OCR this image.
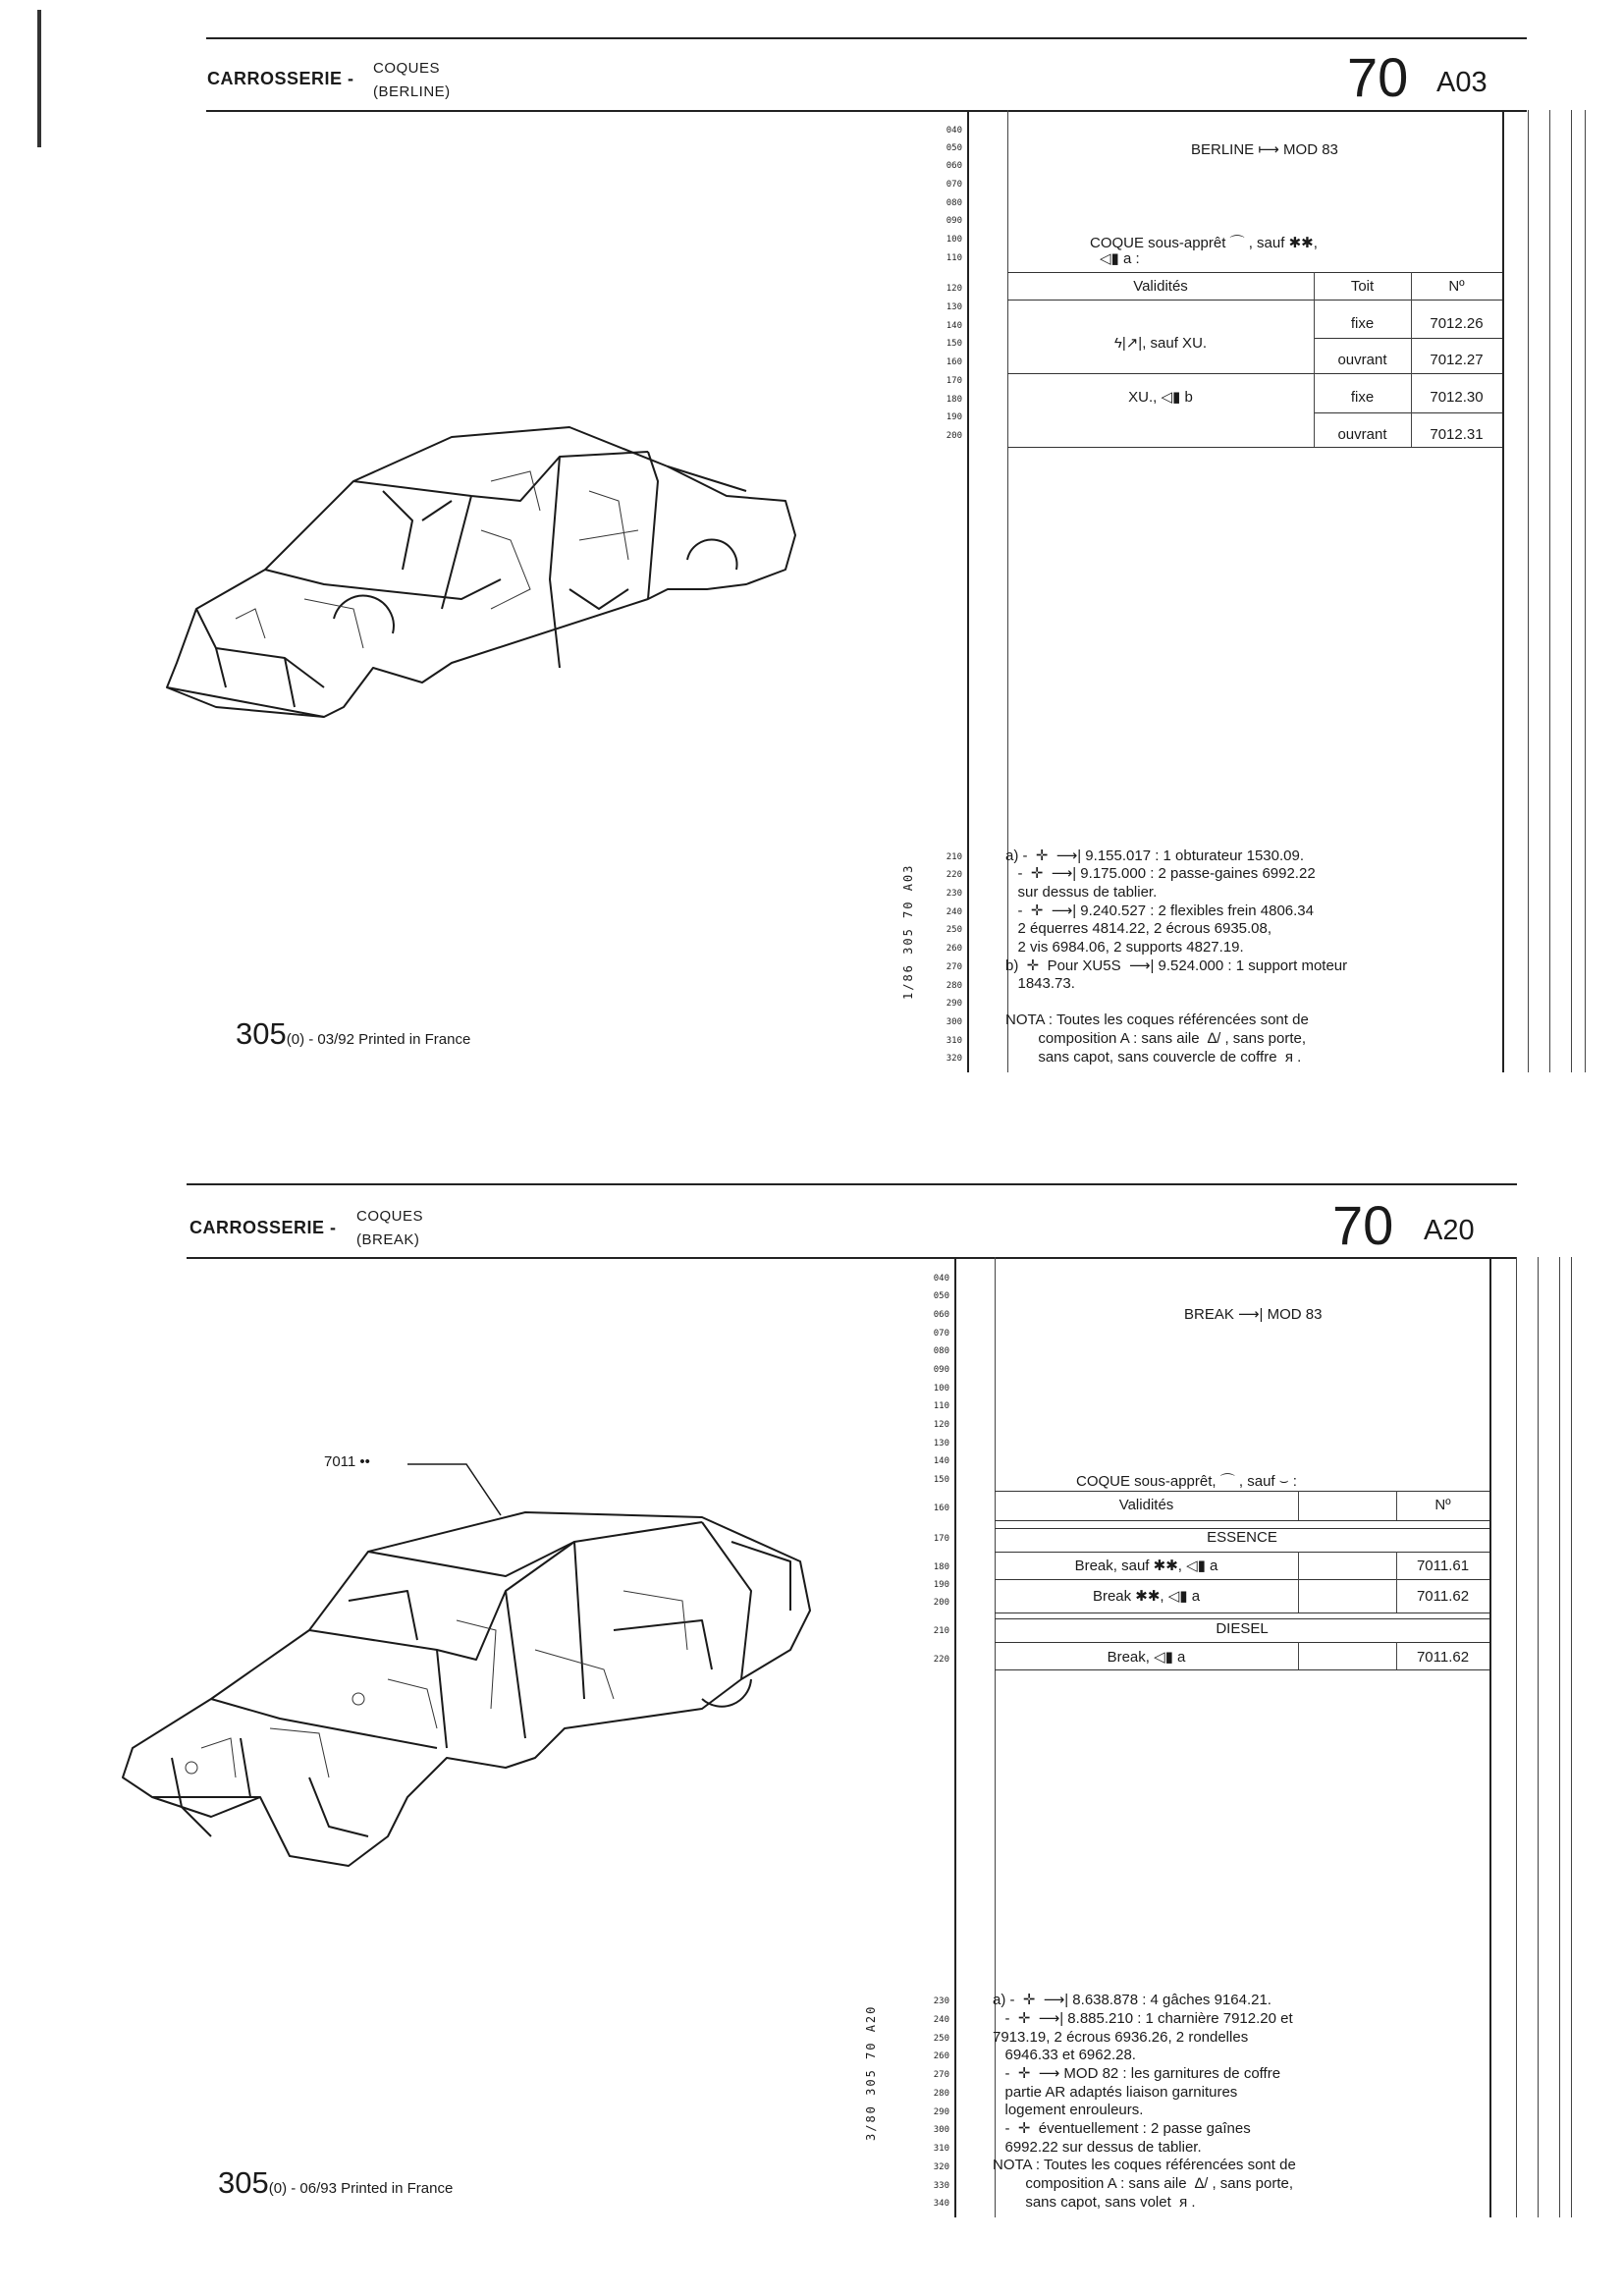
CARROSSERIE -
COQUES
(BERLINE)	70 A03
040
050
060
070
080
090
100
110
120
130
140
150
160
170
180
190
200
210
220
230
240
250
260
270
280
290
300
310
320
BERLINE ⟼ MOD 83
COQUE sous-apprêt ⌒ , sauf ✱✱,
◁▮ a :
Validités	Toit	Nº
ϟ|↗|, sauf XU.
fixe	7012.26
ouvrant	7012.27
XU., ◁▮ b	fixe	7012.30
ouvrant	7012.31
a) -  ✛  ⟶| 9.155.017 : 1 obturateur 1530.09.
-  ✛  ⟶| 9.175.000 : 2 passe-gaines 6992.22
sur dessus de tablier.
-  ✛  ⟶| 9.240.527 : 2 flexibles frein 4806.34
2 équerres 4814.22, 2 écrous 6935.08,
2 vis 6984.06, 2 supports 4827.19.
b)  ✛  Pour XU5S  ⟶| 9.524.000 : 1 support moteur
1843.73.
NOTA : Toutes les coques référencées sont de
composition A : sans aile  ∆/ , sans porte,
sans capot, sans couvercle de coffre  ᴙ .
1/86 305 70 A03
305(0) - 03/92 Printed in France
CARROSSERIE -
COQUES
(BREAK)	70 A20
040
050
060
070
080
090
100
110
120
130
140
150
160
170
180
190
200
210
220
230
240
250
260
270
280
290
300
310
320
330
340
BREAK ⟶| MOD 83
COQUE sous-apprêt, ⌒ , sauf ⌣ :
Validités	Nº
ESSENCE
Break, sauf ✱✱, ◁▮ a	7011.61
Break ✱✱, ◁▮ a	7011.62
DIESEL
Break, ◁▮ a	7011.62
a) -  ✛  ⟶| 8.638.878 : 4 gâches 9164.21.
-  ✛  ⟶| 8.885.210 : 1 charnière 7912.20 et
7913.19, 2 écrous 6936.26, 2 rondelles
6946.33 et 6962.28.
-  ✛  ⟶ MOD 82 : les garnitures de coffre
partie AR adaptés liaison garnitures
logement enrouleurs.
-  ✛  éventuellement : 2 passe gaînes
6992.22 sur dessus de tablier.
NOTA : Toutes les coques référencées sont de
composition A : sans aile  ∆/ , sans porte,
sans capot, sans volet  ᴙ .
3/80 305 70 A20
7011 ••
305(0) - 06/93 Printed in France
